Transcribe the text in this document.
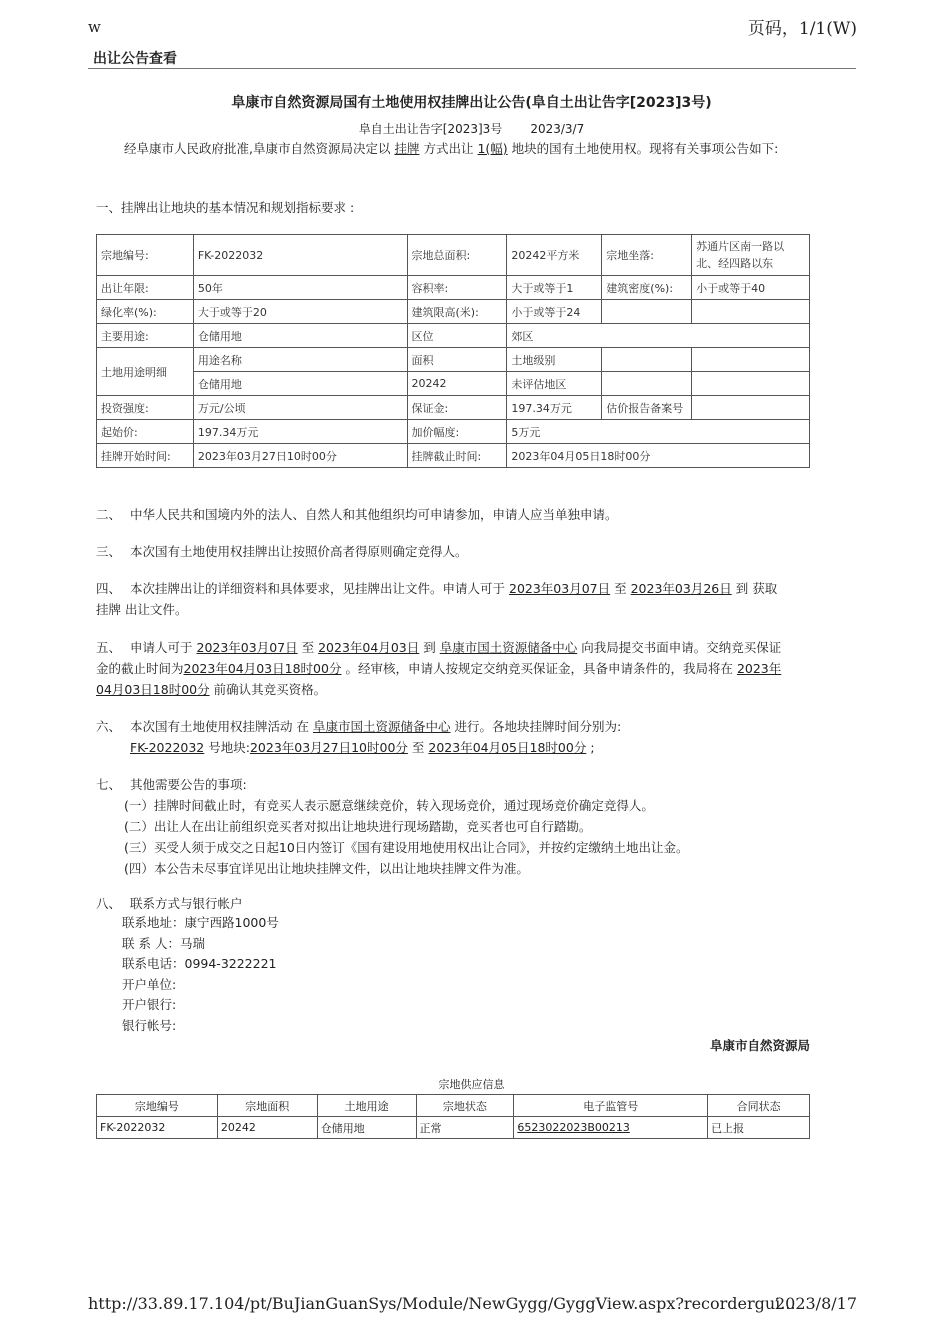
w	页码，1/1(W)
出让公告查看
阜康市自然资源局国有土地使用权挂牌出让公告(阜自土出让告字[2023]3号)
阜自土出让告字[2023]3号 2023/3/7
经阜康市人民政府批准,阜康市自然资源局决定以 挂牌 方式出让 1(幅) 地块的国有土地使用权。现将有关事项公告如下:
一、挂牌出让地块的基本情况和规划指标要求 :
宗地编号:	FK-2022032	宗地总面积:	20242平方米	宗地坐落:	苏通片区南一路以北、经四路以东
出让年限:	50年	容积率:	大于或等于1	建筑密度(%):	小于或等于40
绿化率(%):	大于或等于20	建筑限高(米):	小于或等于24		
主要用途:	仓储用地	区位	郊区		
土地用途明细	用途名称	面积	土地级别		
	仓储用地	20242	未评估地区		
投资强度:	万元/公顷	保证金:	197.34万元	估价报告备案号	
起始价:	197.34万元	加价幅度:	5万元		
挂牌开始时间:	2023年03月27日10时00分	挂牌截止时间:	2023年04月05日18时00分		
二、 中华人民共和国境内外的法人、自然人和其他组织均可申请参加，申请人应当单独申请。
三、 本次国有土地使用权挂牌出让按照价高者得原则确定竞得人。
四、 本次挂牌出让的详细资料和具体要求，见挂牌出让文件。申请人可于 2023年03月07日 至 2023年03月26日 到 获取
挂牌 出让文件。
五、 申请人可于 2023年03月07日 至 2023年04月03日 到 阜康市国土资源储备中心 向我局提交书面申请。交纳竞买保证
金的截止时间为2023年04月03日18时00分 。经审核，申请人按规定交纳竞买保证金，具备申请条件的，我局将在 2023年
04月03日18时00分 前确认其竞买资格。
六、 本次国有土地使用权挂牌活动 在 阜康市国土资源储备中心 进行。各地块挂牌时间分别为:
FK-2022032 号地块:2023年03月27日10时00分 至 2023年04月05日18时00分 ;
七、 其他需要公告的事项:
(一）挂牌时间截止时，有竞买人表示愿意继续竞价，转入现场竞价，通过现场竞价确定竞得人。
(二）出让人在出让前组织竞买者对拟出让地块进行现场踏勘，竞买者也可自行踏勘。
(三）买受人须于成交之日起10日内签订《国有建设用地使用权出让合同》，并按约定缴纳土地出让金。
(四）本公告未尽事宜详见出让地块挂牌文件，以出让地块挂牌文件为准。
八、 联系方式与银行帐户
联系地址：康宁西路1000号
联 系 人：马瑞
联系电话：0994-3222221
开户单位:
开户银行:
银行帐号:
阜康市自然资源局
宗地供应信息
宗地编号	宗地面积	土地用途	宗地状态	电子监管号	合同状态
FK-2022032	20242	仓储用地	正常	6523022023B00213	已上报
http://33.89.17.104/pt/BuJianGuanSys/Module/NewGygg/GyggView.aspx?recordergui...
2023/8/17
